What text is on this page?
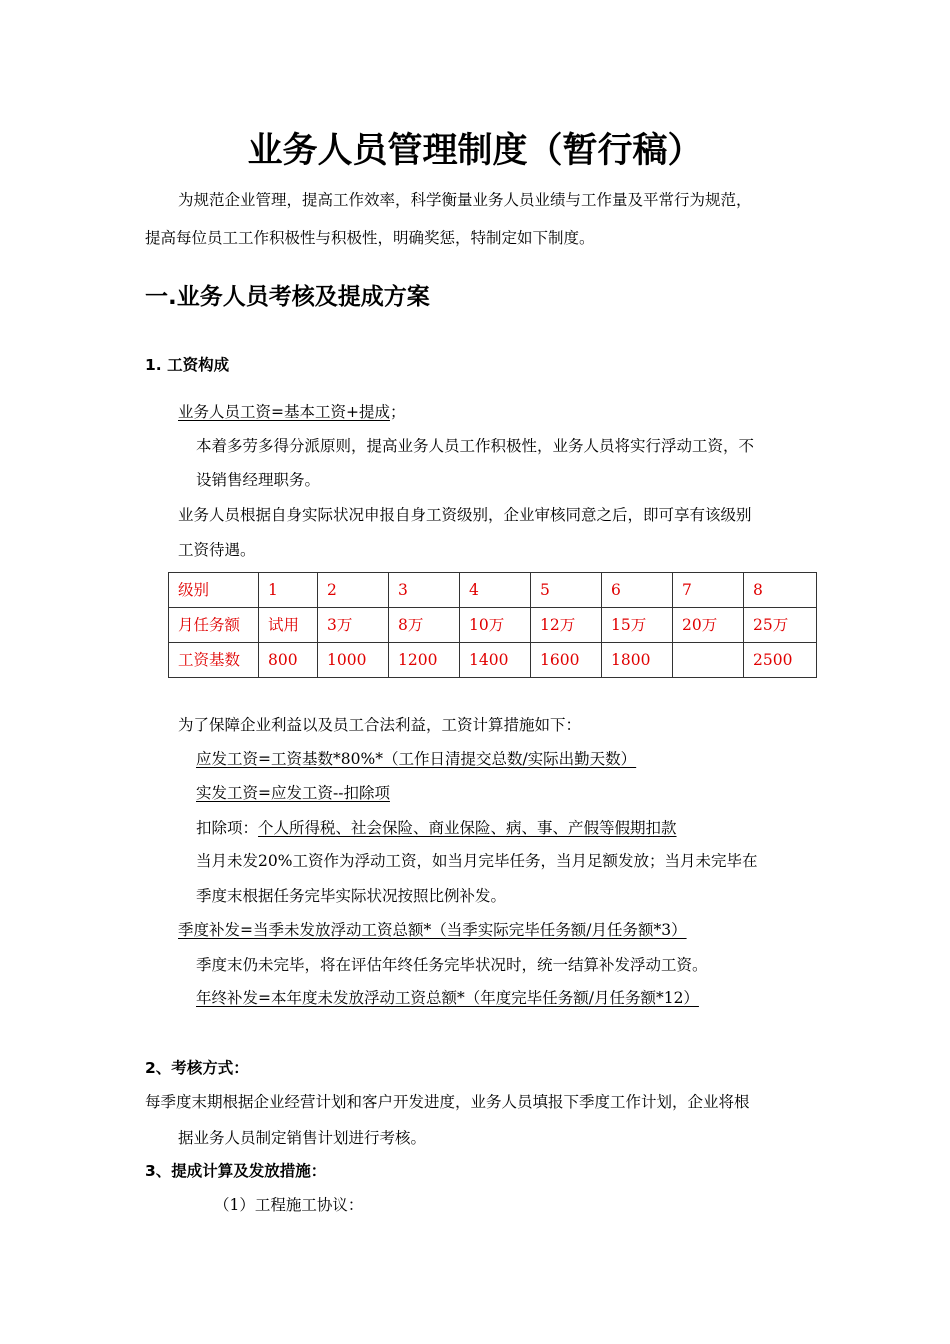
业务人员管理制度（暂行稿）
为规范企业管理，提高工作效率，科学衡量业务人员业绩与工作量及平常行为规范，
提高每位员工工作积极性与积极性，明确奖惩，特制定如下制度。
一.业务人员考核及提成方案
1. 工资构成
业务人员工资=基本工资+提成；
本着多劳多得分派原则，提高业务人员工作积极性，业务人员将实行浮动工资，不
设销售经理职务。
业务人员根据自身实际状况申报自身工资级别，企业审核同意之后，即可享有该级别
工资待遇。
级别	1	2	3	4	5	6	7	8
月任务额	试用	3万	8万	10万	12万	15万	20万	25万
工资基数	800	1000	1200	1400	1600	1800		2500
为了保障企业利益以及员工合法利益，工资计算措施如下：
应发工资=工资基数*80%*（工作日清提交总数/实际出勤天数）
实发工资=应发工资--扣除项
扣除项：个人所得税、社会保险、商业保险、病、事、产假等假期扣款
当月未发20%工资作为浮动工资，如当月完毕任务，当月足额发放；当月未完毕在
季度末根据任务完毕实际状况按照比例补发。
季度补发=当季未发放浮动工资总额*（当季实际完毕任务额/月任务额*3）
季度末仍未完毕，将在评估年终任务完毕状况时，统一结算补发浮动工资。
年终补发=本年度未发放浮动工资总额*（年度完毕任务额/月任务额*12）
2、考核方式：
每季度末期根据企业经营计划和客户开发进度，业务人员填报下季度工作计划，企业将根
据业务人员制定销售计划进行考核。
3、提成计算及发放措施：
（1）工程施工协议：
